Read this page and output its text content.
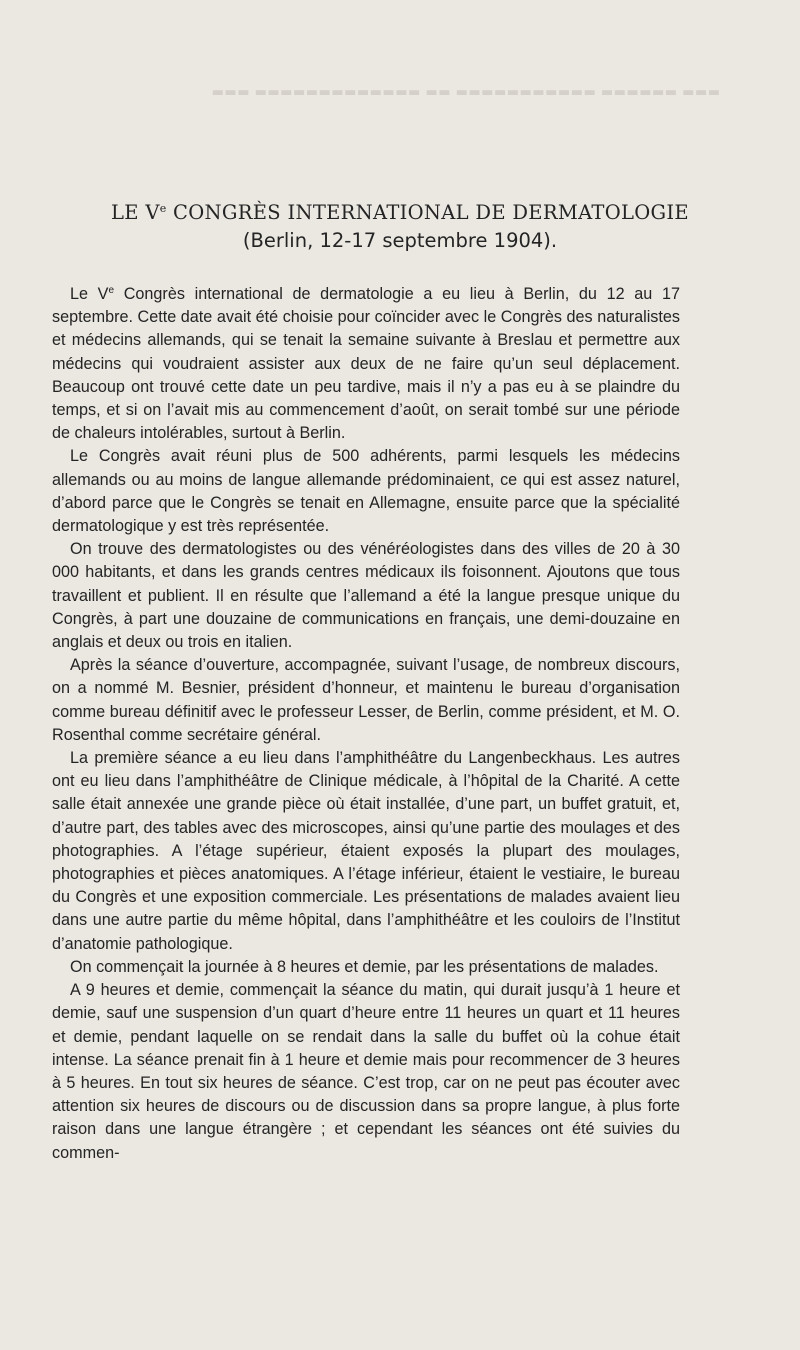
▬▬▬ ▬▬▬▬▬▬ ▬▬▬▬▬▬▬▬▬▬▬ ▬▬ ▬▬▬▬▬▬▬▬▬▬▬▬▬ ▬▬▬
LE Ve CONGRÈS INTERNATIONAL DE DERMATOLOGIE
(Berlin, 12-17 septembre 1904).

Le Ve Congrès international de dermatologie a eu lieu à Berlin, du 12 au 17 septembre. Cette date avait été choisie pour coïncider avec le Congrès des naturalistes et médecins allemands, qui se tenait la semaine suivante à Breslau et permettre aux médecins qui voudraient assister aux deux de ne faire qu’un seul déplacement. Beaucoup ont trouvé cette date un peu tardive, mais il n’y a pas eu à se plaindre du temps, et si on l’avait mis au commencement d’août, on serait tombé sur une période de chaleurs intolérables, surtout à Berlin.

Le Congrès avait réuni plus de 500 adhérents, parmi lesquels les médecins allemands ou au moins de langue allemande prédominaient, ce qui est assez naturel, d’abord parce que le Congrès se tenait en Allemagne, ensuite parce que la spécialité dermatologique y est très représentée.

On trouve des dermatologistes ou des vénéréologistes dans des villes de 20 à 30 000 habitants, et dans les grands centres médicaux ils foisonnent. Ajoutons que tous travaillent et publient. Il en résulte que l’allemand a été la langue presque unique du Congrès, à part une douzaine de communications en français, une demi-douzaine en anglais et deux ou trois en italien.

Après la séance d’ouverture, accompagnée, suivant l’usage, de nombreux discours, on a nommé M. Besnier, président d’honneur, et maintenu le bureau d’organisation comme bureau définitif avec le professeur Lesser, de Berlin, comme président, et M. O. Rosenthal comme secrétaire général.

La première séance a eu lieu dans l’amphithéâtre du Langenbeckhaus. Les autres ont eu lieu dans l’amphithéâtre de Clinique médicale, à l’hôpital de la Charité. A cette salle était annexée une grande pièce où était installée, d’une part, un buffet gratuit, et, d’autre part, des tables avec des microscopes, ainsi qu’une partie des moulages et des photographies. A l’étage supérieur, étaient exposés la plupart des moulages, photographies et pièces anatomiques. A l’étage inférieur, étaient le vestiaire, le bureau du Congrès et une exposition commerciale. Les présentations de malades avaient lieu dans une autre partie du même hôpital, dans l’amphithéâtre et les couloirs de l’Institut d’anatomie pathologique.

On commençait la journée à 8 heures et demie, par les présentations de malades.

A 9 heures et demie, commençait la séance du matin, qui durait jusqu’à 1 heure et demie, sauf une suspension d’un quart d’heure entre 11 heures un quart et 11 heures et demie, pendant laquelle on se rendait dans la salle du buffet où la cohue était intense. La séance prenait fin à 1 heure et demie mais pour recommencer de 3 heures à 5 heures. En tout six heures de séance. C’est trop, car on ne peut pas écouter avec attention six heures de discours ou de discussion dans sa propre langue, à plus forte raison dans une langue étrangère ; et cependant les séances ont été suivies du commen-
